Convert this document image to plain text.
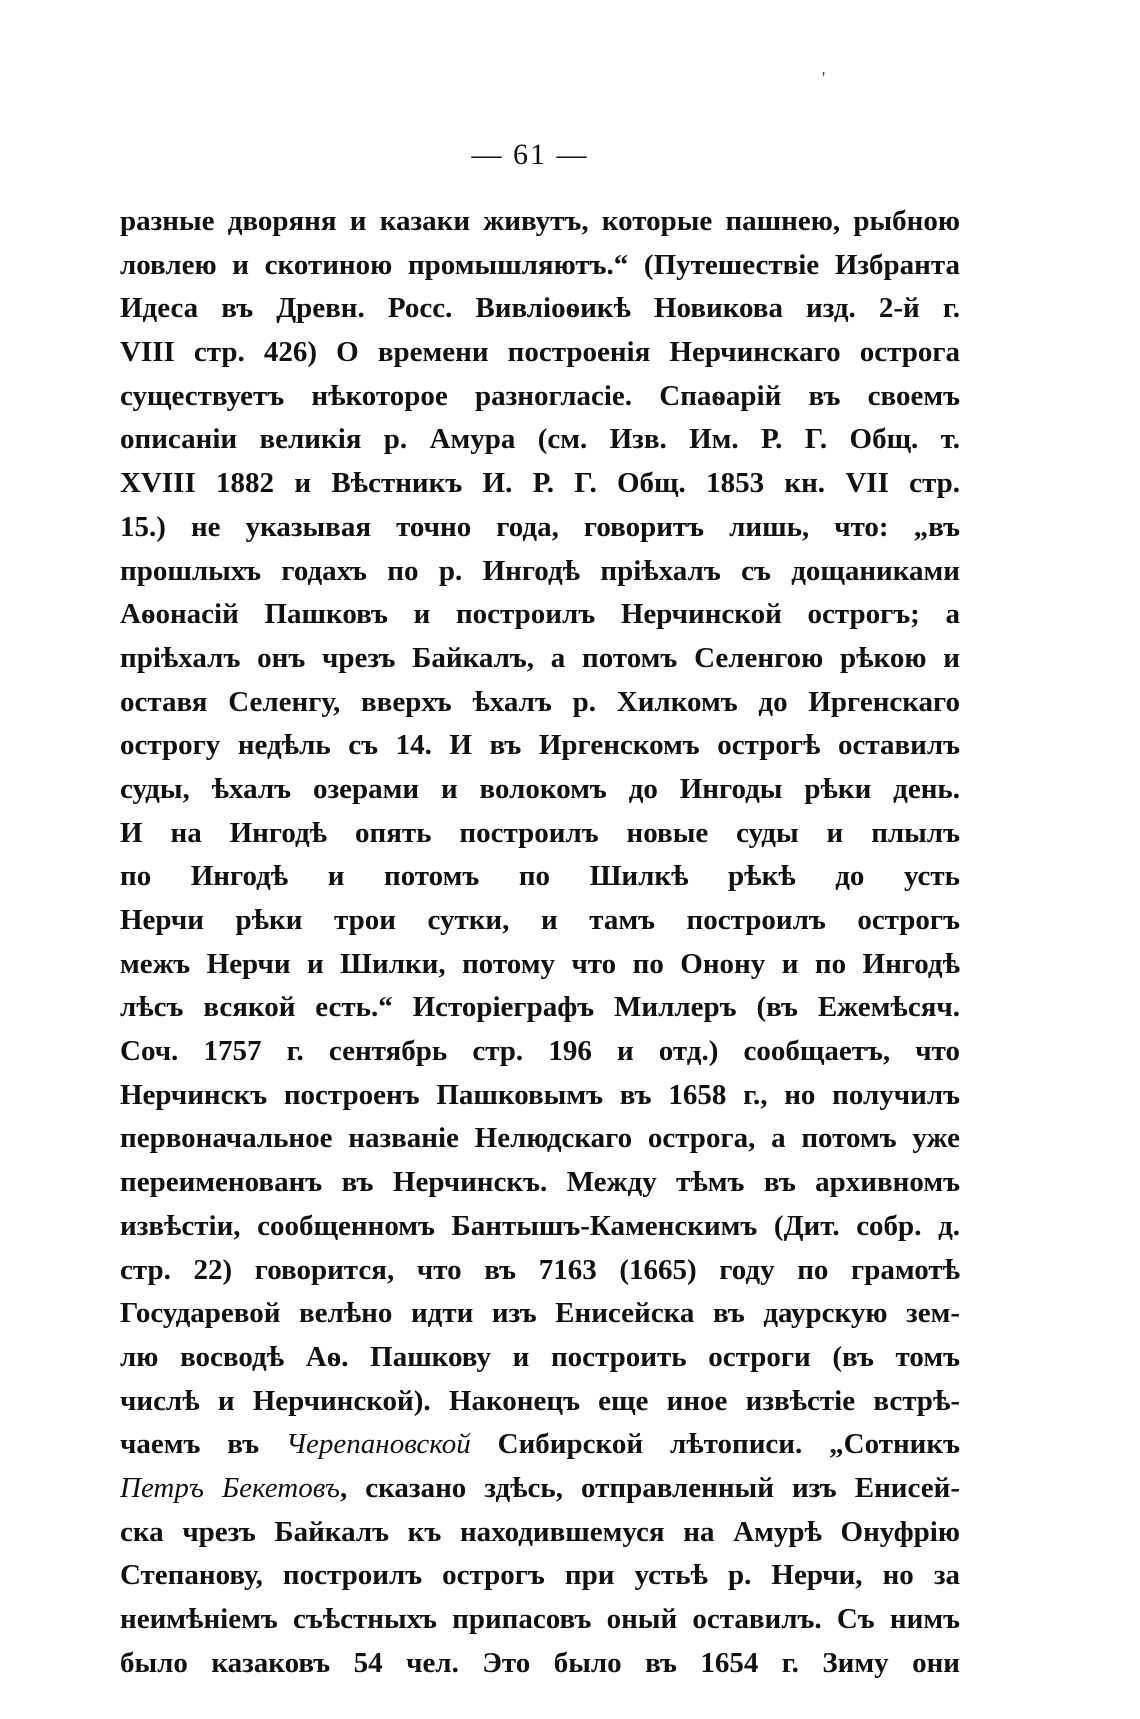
'
— 61 —
разные дворяня и казаки живутъ, которые пашнею, рыбною
ловлею и скотиною промышляютъ.“ (Путешествіе Избранта
Идеса въ Древн. Росс. Вивліоѳикѣ Новикова изд. 2-й г.
VIII стр. 426) О времени построенія Нерчинскаго острога
существуетъ нѣкоторое разногласіе. Спаѳарій въ своемъ
описаніи великія р. Амура (см. Изв. Им. Р. Г. Общ. т.
XVIII 1882 и Вѣстникъ И. Р. Г. Общ. 1853 кн. VII стр.
15.) не указывая точно года, говоритъ лишь, что: „въ
прошлыхъ годахъ по р. Ингодѣ пріѣхалъ съ дощаниками
Аѳонасій Пашковъ и построилъ Нерчинской острогъ; а
пріѣхалъ онъ чрезъ Байкалъ, а потомъ Селенгою рѣкою и
оставя Селенгу, вверхъ ѣхалъ р. Хилкомъ до Иргенскаго
острогу недѣль съ 14. И въ Иргенскомъ острогѣ оставилъ
суды, ѣхалъ озерами и волокомъ до Ингоды рѣки день.
И на Ингодѣ опять построилъ новые суды и плылъ
по Ингодѣ и потомъ по Шилкѣ рѣкѣ до усть
Нерчи рѣки трои сутки, и тамъ построилъ острогъ
межъ Нерчи и Шилки, потому что по Онону и по Ингодѣ
лѣсъ всякой есть.“ Исторіеграфъ Миллеръ (въ Ежемѣсяч.
Соч. 1757 г. сентябрь стр. 196 и отд.) сообщаетъ, что
Нерчинскъ построенъ Пашковымъ въ 1658 г., но получилъ
первоначальное названіе Нелюдскаго острога, а потомъ уже
переименованъ въ Нерчинскъ. Между тѣмъ въ архивномъ
извѣстіи, сообщенномъ Бантышъ-Каменскимъ (Дит. собр. д.
стр. 22) говорится, что въ 7163 (1665) году по грамотѣ
Государевой велѣно идти изъ Енисейска въ даурскую зем-
лю восводѣ Аѳ. Пашкову и построить остроги (въ томъ
числѣ и Нерчинской). Наконецъ еще иное извѣстіе встрѣ-
чаемъ въ Черепановской Сибирской лѣтописи. „Сотникъ
Петръ Бекетовъ, сказано здѣсь, отправленный изъ Енисей-
ска чрезъ Байкалъ къ находившемуся на Амурѣ Онуфрію
Степанову, построилъ острогъ при устьѣ р. Нерчи, но за
неимѣніемъ съѣстныхъ припасовъ оный оставилъ. Съ нимъ
было казаковъ 54 чел. Это было въ 1654 г. Зиму они
